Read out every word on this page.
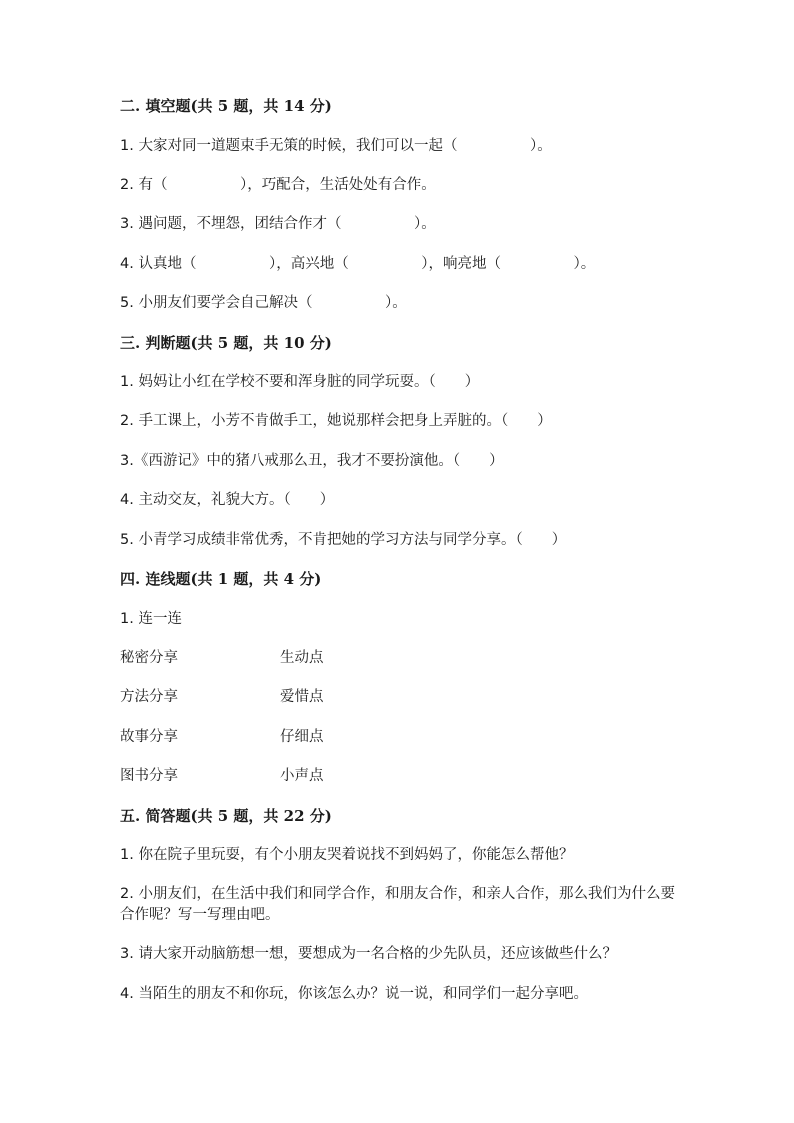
二. 填空题(共 5 题，共 14 分)
1. 大家对同一道题束手无策的时候，我们可以一起（　　　　　）。
2. 有（　　　　　），巧配合，生活处处有合作。
3. 遇问题，不埋怨，团结合作才（　　　　　）。
4. 认真地（　　　　　），高兴地（　　　　　），响亮地（　　　　　）。
5. 小朋友们要学会自己解决（　　　　　）。
三. 判断题(共 5 题，共 10 分)
1. 妈妈让小红在学校不要和浑身脏的同学玩耍。（　　）
2. 手工课上，小芳不肯做手工，她说那样会把身上弄脏的。（　　）
3.《西游记》中的猪八戒那么丑，我才不要扮演他。（　　）
4. 主动交友，礼貌大方。（　　）
5. 小青学习成绩非常优秀，不肯把她的学习方法与同学分享。（　　）
四. 连线题(共 1 题，共 4 分)
1. 连一连
秘密分享	生动点
方法分享	爱惜点
故事分享	仔细点
图书分享	小声点
五. 简答题(共 5 题，共 22 分)
1. 你在院子里玩耍，有个小朋友哭着说找不到妈妈了，你能怎么帮他？
2. 小朋友们，在生活中我们和同学合作，和朋友合作，和亲人合作，那么我们为什么要合作呢？写一写理由吧。
3. 请大家开动脑筋想一想，要想成为一名合格的少先队员，还应该做些什么？
4. 当陌生的朋友不和你玩，你该怎么办？说一说，和同学们一起分享吧。
